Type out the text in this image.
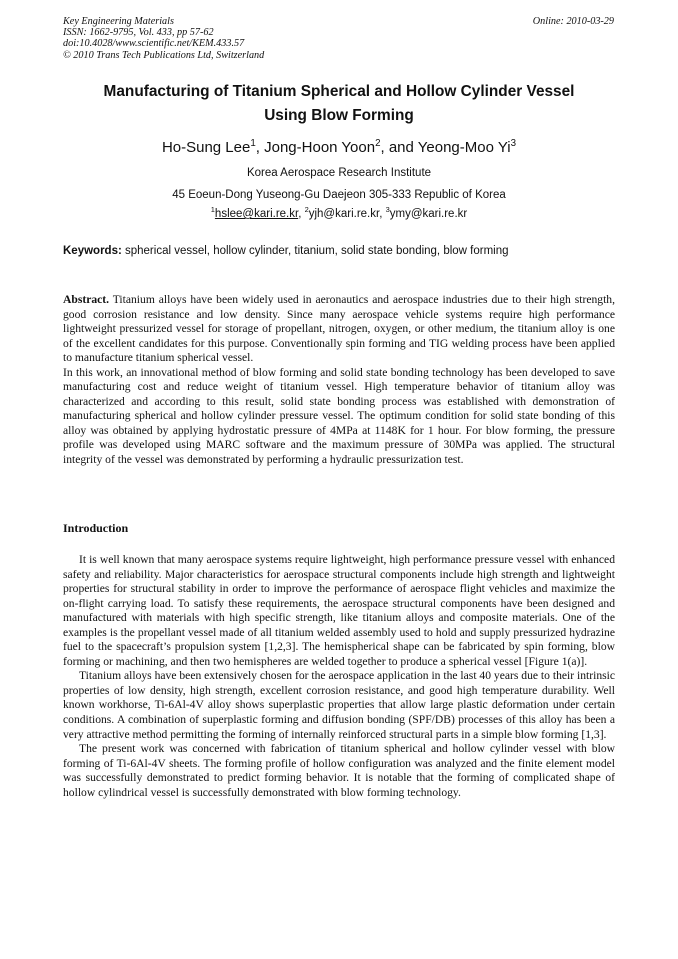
Key Engineering Materials
ISSN: 1662-9795, Vol. 433, pp 57-62
doi:10.4028/www.scientific.net/KEM.433.57
© 2010 Trans Tech Publications Ltd, Switzerland
Online: 2010-03-29
Manufacturing of Titanium Spherical and Hollow Cylinder Vessel
Using Blow Forming
Ho-Sung Lee$^1$, Jong-Hoon Yoon$^2$, and Yeong-Moo Yi$^3$
Korea Aerospace Research Institute
45 Eoeun-Dong Yuseong-Gu Daejeon 305-333 Republic of Korea
$^1$hslee@kari.re.kr, $^2$yjh@kari.re.kr, $^3$ymy@kari.re.kr
Keywords: spherical vessel, hollow cylinder, titanium, solid state bonding, blow forming

Abstract. Titanium alloys have been widely used in aeronautics and aerospace industries due to their high strength, good corrosion resistance and low density. Since many aerospace vehicle systems require high performance lightweight pressurized vessel for storage of propellant, nitrogen, oxygen, or other medium, the titanium alloy is one of the excellent candidates for this purpose. Conventionally spin forming and TIG welding process have been applied to manufacture titanium spherical vessel.

In this work, an innovational method of blow forming and solid state bonding technology has been developed to save manufacturing cost and reduce weight of titanium vessel. High temperature behavior of titanium alloy was characterized and according to this result, solid state bonding process was established with demonstration of manufacturing spherical and hollow cylinder pressure vessel. The optimum condition for solid state bonding of this alloy was obtained by applying hydrostatic pressure of 4MPa at 1148K for 1 hour. For blow forming, the pressure profile was developed using MARC software and the maximum pressure of 30MPa was applied. The structural integrity of the vessel was demonstrated by performing a hydraulic pressurization test.

Introduction

It is well known that many aerospace systems require lightweight, high performance pressure vessel with enhanced safety and reliability. Major characteristics for aerospace structural components include high strength and lightweight properties for structural stability in order to improve the performance of aerospace flight vehicles and maximize the on-flight carrying load. To satisfy these requirements, the aerospace structural components have been designed and manufactured with materials with high specific strength, like titanium alloys and composite materials. One of the examples is the propellant vessel made of all titanium welded assembly used to hold and supply pressurized hydrazine fuel to the spacecraft’s propulsion system [1,2,3]. The hemispherical shape can be fabricated by spin forming, blow forming or machining, and then two hemispheres are welded together to produce a spherical vessel [Figure 1(a)].

Titanium alloys have been extensively chosen for the aerospace application in the last 40 years due to their intrinsic properties of low density, high strength, excellent corrosion resistance, and good high temperature durability. Well known workhorse, Ti-6Al-4V alloy shows superplastic properties that allow large plastic deformation under certain conditions. A combination of superplastic forming and diffusion bonding (SPF/DB) processes of this alloy has been a very attractive method permitting the forming of internally reinforced structural parts in a simple blow forming [1,3].

The present work was concerned with fabrication of titanium spherical and hollow cylinder vessel with blow forming of Ti-6Al-4V sheets. The forming profile of hollow configuration was analyzed and the finite element model was successfully demonstrated to predict forming behavior. It is notable that the forming of complicated shape of hollow cylindrical vessel is successfully demonstrated with blow forming technology.
